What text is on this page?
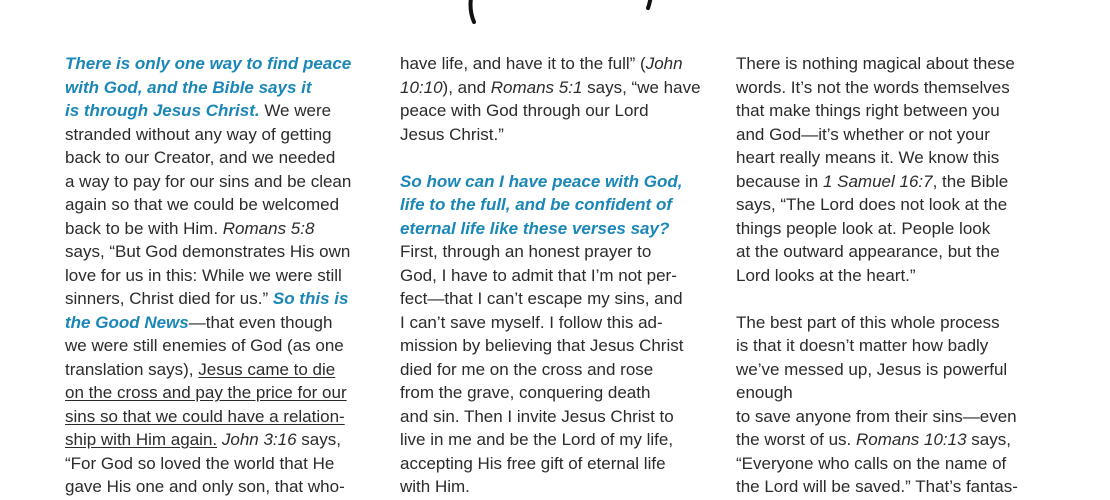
There is only one way to find peace
with God, and the Bible says it
is through Jesus Christ. We were
stranded without any way of getting
back to our Creator, and we needed
a way to pay for our sins and be clean
again so that we could be welcomed
back to be with Him. Romans 5:8
says, “But God demonstrates His own
love for us in this: While we were still
sinners, Christ died for us.” So this is
the Good News—that even though
we were still enemies of God (as one
translation says), Jesus came to die
on the cross and pay the price for our
sins so that we could have a relation-
ship with Him again. John 3:16 says,
“For God so loved the world that He
gave His one and only son, that who-
have life, and have it to the full” (John
10:10), and Romans 5:1 says, “we have
peace with God through our Lord
Jesus Christ.”
So how can I have peace with God,
life to the full, and be confident of
eternal life like these verses say?
First, through an honest prayer to
God, I have to admit that I’m not per-
fect—that I can’t escape my sins, and
I can’t save myself. I follow this ad-
mission by believing that Jesus Christ
died for me on the cross and rose
from the grave, conquering death
and sin. Then I invite Jesus Christ to
live in me and be the Lord of my life,
accepting His free gift of eternal life
with Him.
There is nothing magical about these
words. It’s not the words themselves
that make things right between you
and God—it’s whether or not your
heart really means it. We know this
because in 1 Samuel 16:7, the Bible
says, “The Lord does not look at the
things people look at. People look
at the outward appearance, but the
Lord looks at the heart.”
The best part of this whole process
is that it doesn’t matter how badly
we’ve messed up, Jesus is powerful
enough
to save anyone from their sins—even
the worst of us. Romans 10:13 says,
“Everyone who calls on the name of
the Lord will be saved.” That’s fantas-
